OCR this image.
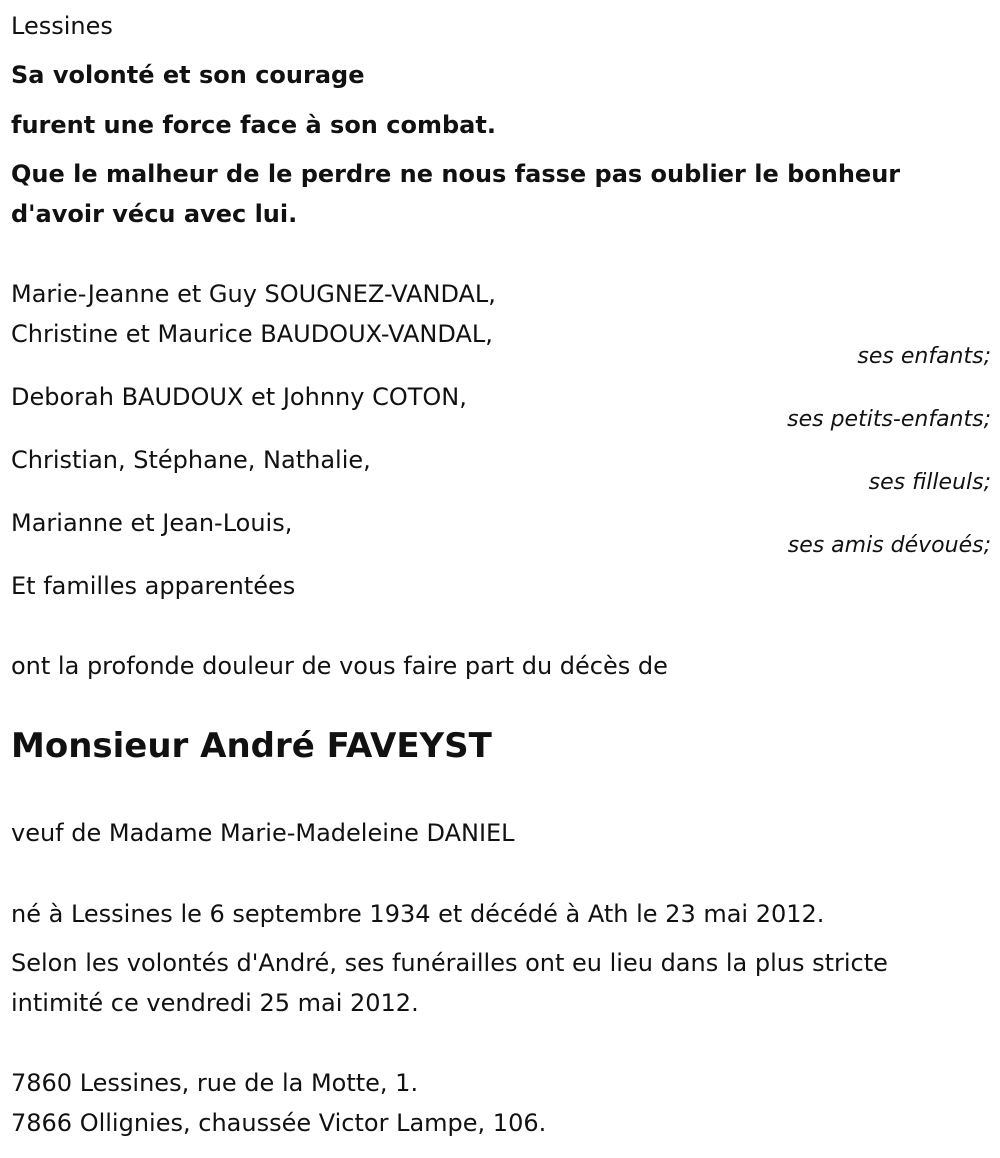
Lessines
Sa volonté et son courage
furent une force face à son combat.
Que le malheur de le perdre ne nous fasse pas oublier le bonheur
d'avoir vécu avec lui.
Marie-Jeanne et Guy SOUGNEZ-VANDAL,
Christine et Maurice BAUDOUX-VANDAL,
ses enfants;
Deborah BAUDOUX et Johnny COTON,
ses petits-enfants;
Christian, Stéphane, Nathalie,
ses filleuls;
Marianne et Jean-Louis,
ses amis dévoués;
Et familles apparentées
ont la profonde douleur de vous faire part du décès de
Monsieur André FAVEYST
veuf de Madame Marie-Madeleine DANIEL
né à Lessines le 6 septembre 1934 et décédé à Ath le 23 mai 2012.
Selon les volontés d'André, ses funérailles ont eu lieu dans la plus stricte
intimité ce vendredi 25 mai 2012.
7860 Lessines, rue de la Motte, 1.
7866 Ollignies, chaussée Victor Lampe, 106.
